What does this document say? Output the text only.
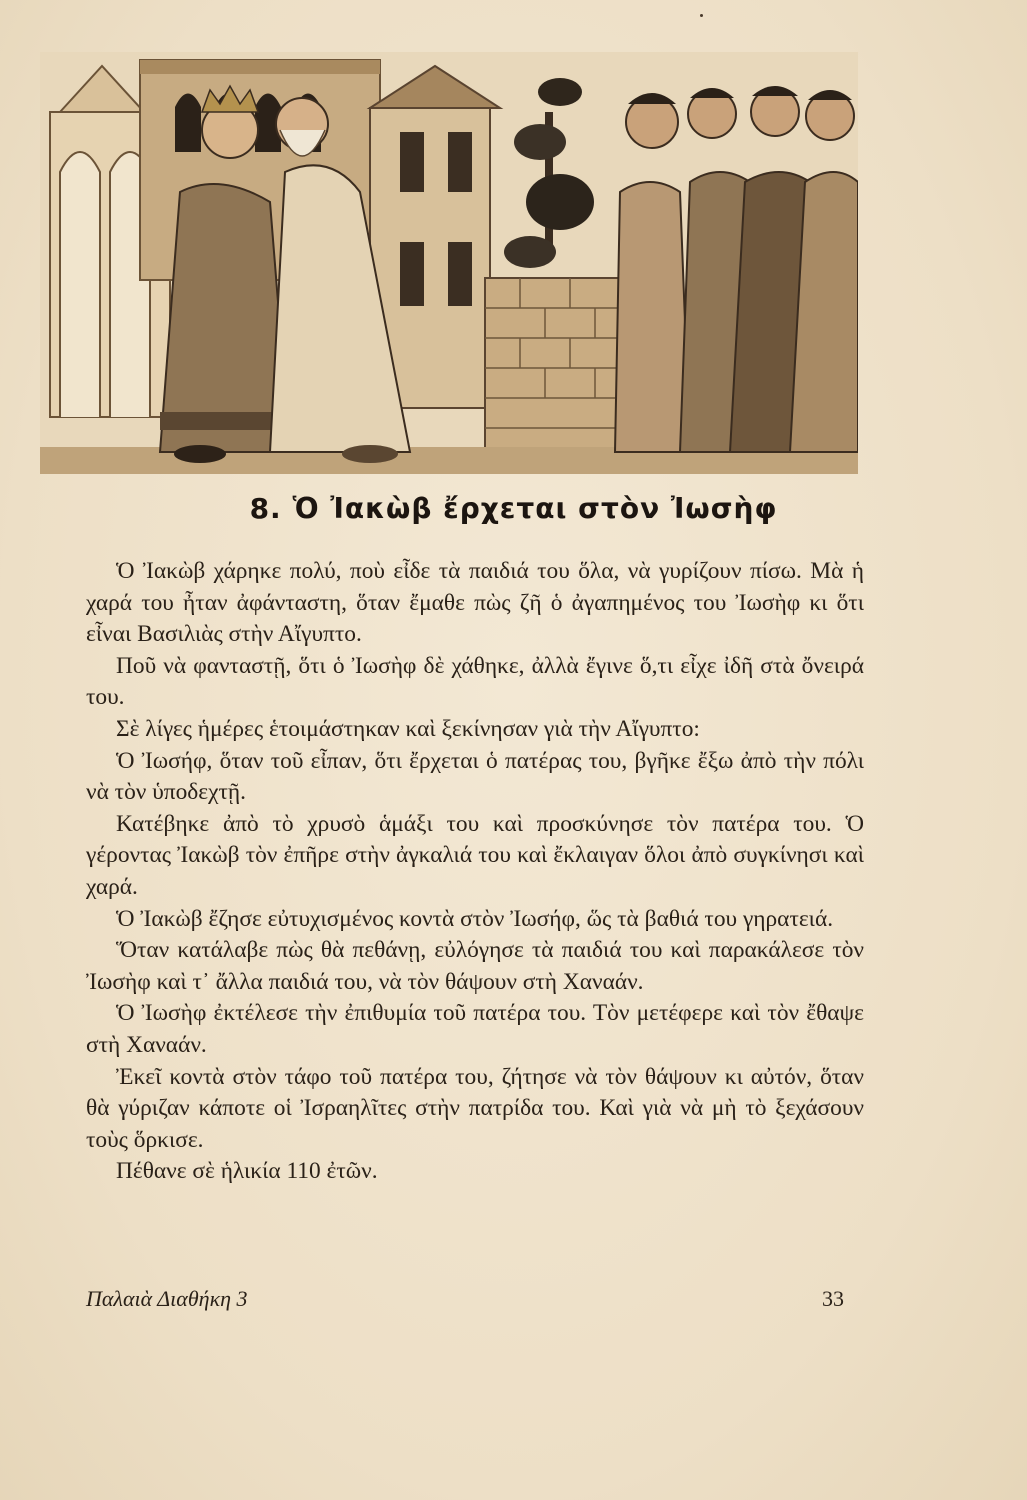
8. Ὁ Ἰακὼβ ἔρχεται στὸν Ἰωσὴφ

Ὁ Ἰακὼβ χάρηκε πολύ, ποὺ εἶδε τὰ παιδιά του ὅλα, νὰ γυρίζουν πίσω. Μὰ ἡ χαρά του ἦταν ἀφάνταστη, ὅταν ἔμαθε πὼς ζῆ ὁ ἀγαπημένος του Ἰωσὴφ κι ὅτι εἶναι Βασιλιὰς στὴν Αἴγυπτο.

Ποῦ νὰ φανταστῇ, ὅτι ὁ Ἰωσὴφ δὲ χάθηκε, ἀλλὰ ἔγινε ὅ,τι εἶχε ἰδῆ στὰ ὄνειρά του.

Σὲ λίγες ἡμέρες ἑτοιμάστηκαν καὶ ξεκίνησαν γιὰ τὴν Αἴγυπτο:

Ὁ Ἰωσήφ, ὅταν τοῦ εἶπαν, ὅτι ἔρχεται ὁ πατέρας του, βγῆκε ἔξω ἀπὸ τὴν πόλι νὰ τὸν ὑποδεχτῇ.

Κατέβηκε ἀπὸ τὸ χρυσὸ ἁμάξι του καὶ προσκύνησε τὸν πατέρα του. Ὁ γέροντας Ἰακὼβ τὸν ἐπῆρε στὴν ἀγκαλιά του καὶ ἔκλαιγαν ὅλοι ἀπὸ συγκίνησι καὶ χαρά.

Ὁ Ἰακὼβ ἔζησε εὐτυχισμένος κοντὰ στὸν Ἰωσήφ, ὥς τὰ βαθιά του γηρατειά.

Ὅταν κατάλαβε πὼς θὰ πεθάνῃ, εὐλόγησε τὰ παιδιά του καὶ παρακάλεσε τὸν Ἰωσὴφ καὶ τ᾽ ἄλλα παιδιά του, νὰ τὸν θάψουν στὴ Χαναάν.

Ὁ Ἰωσὴφ ἐκτέλεσε τὴν ἐπιθυμία τοῦ πατέρα του. Τὸν μετέφερε καὶ τὸν ἔθαψε στὴ Χαναάν.

Ἐκεῖ κοντὰ στὸν τάφο τοῦ πατέρα του, ζήτησε νὰ τὸν θάψουν κι αὐτόν, ὅταν θὰ γύριζαν κάποτε οἱ Ἰσραηλῖτες στὴν πατρίδα του. Καὶ γιὰ νὰ μὴ τὸ ξεχάσουν τοὺς ὅρκισε.

Πέθανε σὲ ἡλικία 110 ἐτῶν.

Παλαιὰ Διαθήκη 3	33
